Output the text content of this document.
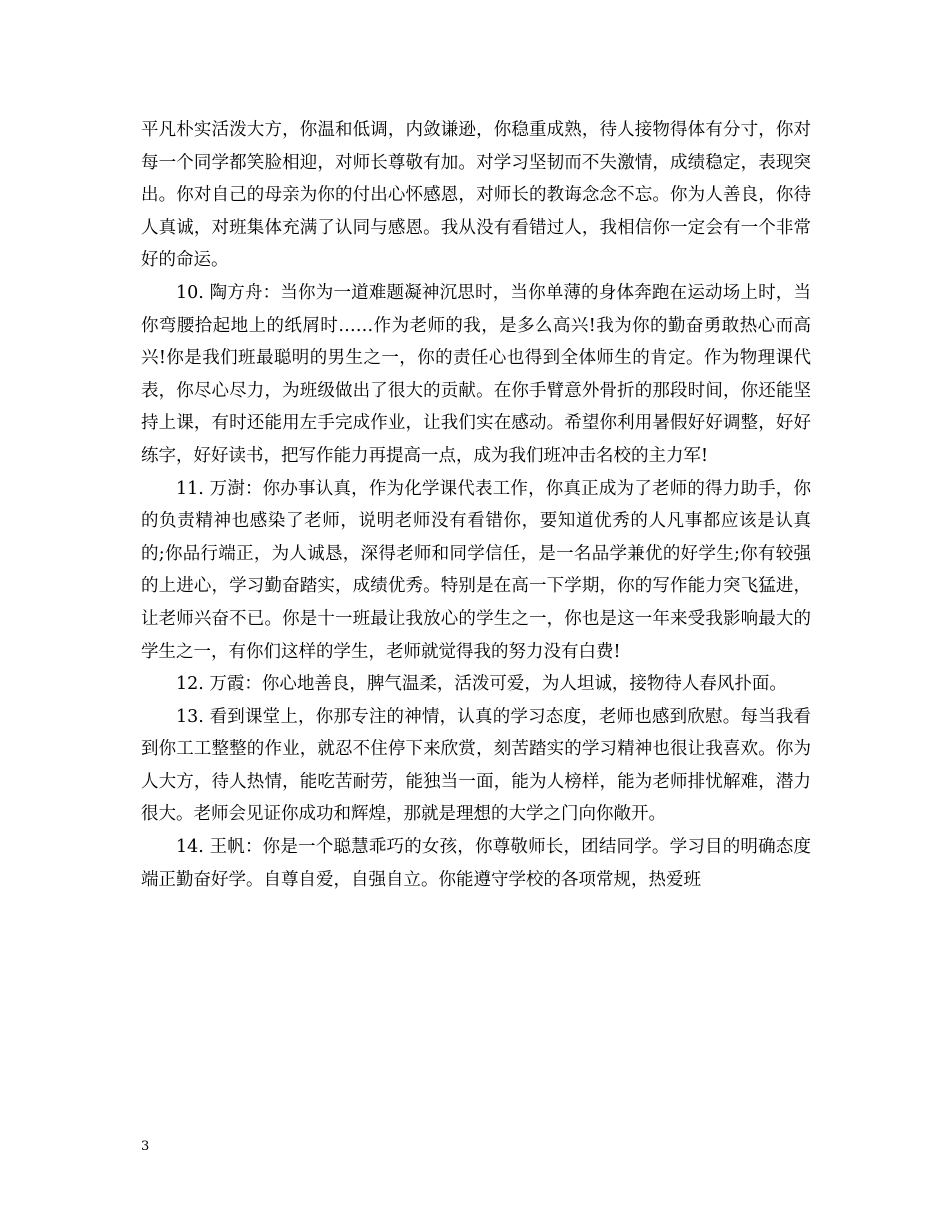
平凡朴实活泼大方，你温和低调，内敛谦逊，你稳重成熟，待人接物得体有分寸，你对每一个同学都笑脸相迎，对师长尊敬有加。对学习坚韧而不失激情，成绩稳定，表现突出。你对自己的母亲为你的付出心怀感恩，对师长的教诲念念不忘。你为人善良，你待人真诚，对班集体充满了认同与感恩。我从没有看错过人，我相信你一定会有一个非常好的命运。

10. 陶方舟：当你为一道难题凝神沉思时，当你单薄的身体奔跑在运动场上时，当你弯腰拾起地上的纸屑时……作为老师的我，是多么高兴!我为你的勤奋勇敢热心而高兴!你是我们班最聪明的男生之一，你的责任心也得到全体师生的肯定。作为物理课代表，你尽心尽力，为班级做出了很大的贡献。在你手臂意外骨折的那段时间，你还能坚持上课，有时还能用左手完成作业，让我们实在感动。希望你利用暑假好好调整，好好练字，好好读书，把写作能力再提高一点，成为我们班冲击名校的主力军!

11. 万澍：你办事认真，作为化学课代表工作，你真正成为了老师的得力助手，你的负责精神也感染了老师，说明老师没有看错你，要知道优秀的人凡事都应该是认真的;你品行端正，为人诚恳，深得老师和同学信任，是一名品学兼优的好学生;你有较强的上进心，学习勤奋踏实，成绩优秀。特别是在高一下学期，你的写作能力突飞猛进，让老师兴奋不已。你是十一班最让我放心的学生之一，你也是这一年来受我影响最大的学生之一，有你们这样的学生，老师就觉得我的努力没有白费!

12. 万霞：你心地善良，脾气温柔，活泼可爱，为人坦诚，接物待人春风扑面。

13. 看到课堂上，你那专注的神情，认真的学习态度，老师也感到欣慰。每当我看到你工工整整的作业，就忍不住停下来欣赏，刻苦踏实的学习精神也很让我喜欢。你为人大方，待人热情，能吃苦耐劳，能独当一面，能为人榜样，能为老师排忧解难，潜力很大。老师会见证你成功和辉煌，那就是理想的大学之门向你敞开。

14. 王帆：你是一个聪慧乖巧的女孩，你尊敬师长，团结同学。学习目的明确态度端正勤奋好学。自尊自爱，自强自立。你能遵守学校的各项常规，热爱班

3
